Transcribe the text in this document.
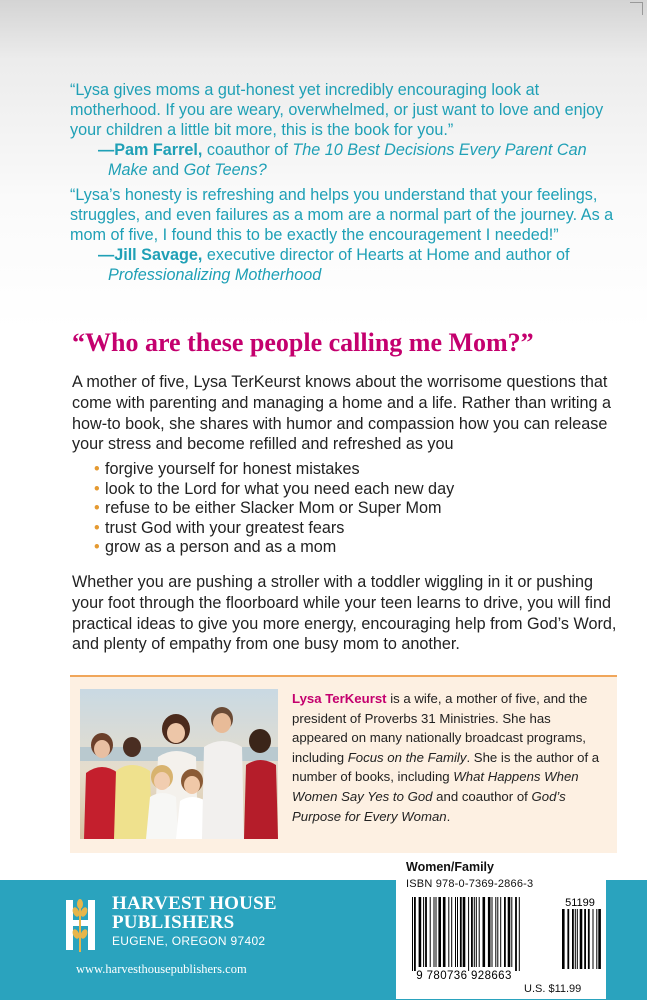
“Lysa gives moms a gut-honest yet incredibly encouraging look at motherhood. If you are weary, overwhelmed, or just want to love and enjoy your children a little bit more, this is the book for you.”
—Pam Farrel, coauthor of The 10 Best Decisions Every Parent Can Make and Got Teens?
“Lysa’s honesty is refreshing and helps you understand that your feelings, struggles, and even failures as a mom are a normal part of the journey. As a mom of five, I found this to be exactly the encouragement I needed!”
—Jill Savage, executive director of Hearts at Home and author of Professionalizing Motherhood
“Who are these people calling me Mom?”
A mother of five, Lysa TerKeurst knows about the worrisome questions that come with parenting and managing a home and a life. Rather than writing a how-to book, she shares with humor and compassion how you can release your stress and become refilled and refreshed as you
• forgive yourself for honest mistakes
• look to the Lord for what you need each new day
• refuse to be either Slacker Mom or Super Mom
• trust God with your greatest fears
• grow as a person and as a mom
Whether you are pushing a stroller with a toddler wiggling in it or pushing your foot through the floorboard while your teen learns to drive, you will find practical ideas to give you more energy, encouraging help from God’s Word, and plenty of empathy from one busy mom to another.
Lysa TerKeurst is a wife, a mother of five, and the president of Proverbs 31 Ministries. She has appeared on many nationally broadcast programs, including Focus on the Family. She is the author of a number of books, including What Happens When Women Say Yes to God and coauthor of God’s Purpose for Every Woman.
HARVEST HOUSE
PUBLISHERS
EUGENE, OREGON 97402
www.harvesthousepublishers.com
Women/Family
ISBN 978-0-7369-2866-3
51199
9 780736 928663
U.S. $11.99
